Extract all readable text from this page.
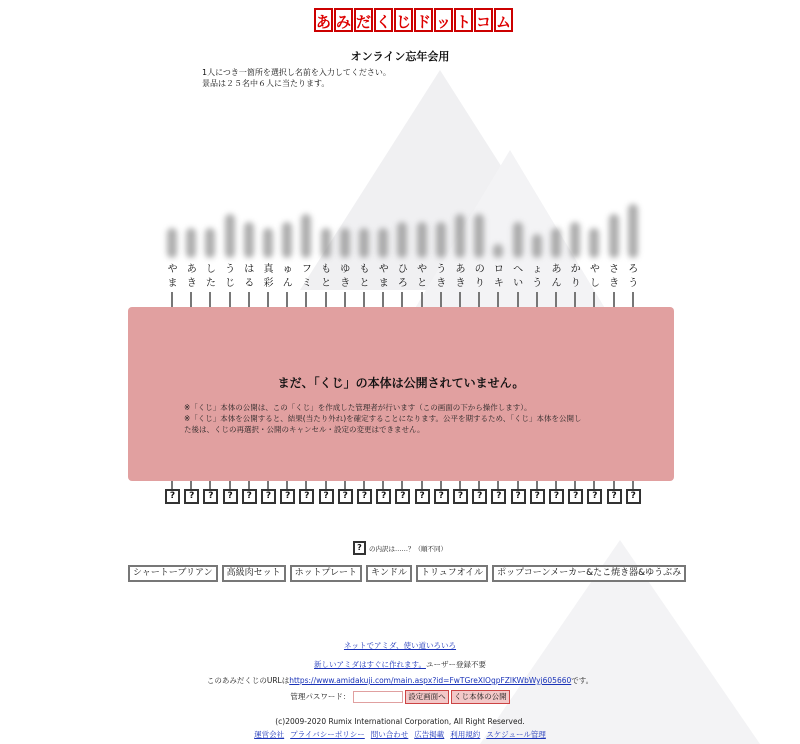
あ み だ く じ ド ッ ト コ ム
オンライン忘年会用
1人につき一箇所を選択し名前を入力してください。
景品は２５名中６人に当たります。
や
ま
あ
き
し
た
う
じ
は
る
真
彩
ゅ
ん
フ
ミ
も
と
ゆ
き
も
と
や
ま
ひ
ろ
や
と
う
き
あ
き
の
り
ロ
キ
へ
い
ょ
う
あ
ん
か
り
や
し
さ
き
ろ
う
?	?	?	?	?	?	?	?	?	?	?	?	?	?	?	?	?	?	?	?	?	?	?	?	?
まだ、「くじ」の本体は公開されていません。
※「くじ」本体の公開は、この「くじ」を作成した管理者が行います（この画面の下から操作します）。
※「くじ」本体を公開すると、結果(当たり外れ)を確定することになります。公平を期するため、「くじ」本体を公開し
た後は、くじの再選択・公開のキャンセル・設定の変更はできません。
?	の内訳は……？（順不同）
シャートーブリアン	高級肉セット	ホットプレート	キンドル	トリュフオイル	ポップコーンメーカー&たこ焼き器&ゆうぶみ
ネットでアミダ、使い道いろいろ
新しいアミダはすぐに作れます。ユーザー登録不要
このあみだくじのURLはhttps://www.amidakuji.com/main.aspx?id=FwTGreXlOgpFZlKWbWyj605660です。
管理パスワード：	設定画面へ くじ本体の公開
(c)2009-2020 Rumix International Corporation, All Right Reserved.
運営会社 プライバシーポリシー 問い合わせ 広告掲載 利用規約 スケジュール管理
